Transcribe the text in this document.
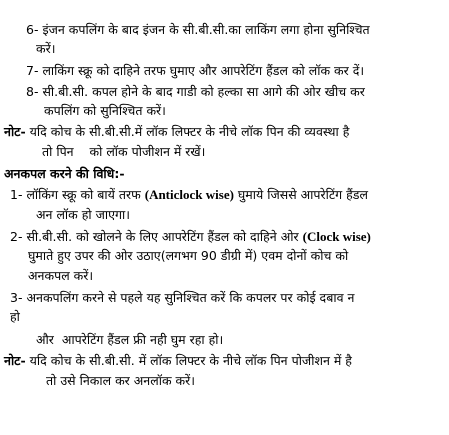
6- इंजन कपलिंग के बाद इंजन के सी.बी.सी.का लाकिंग लगा होना सुनिश्चित
करें।
7- लाकिंग स्क्रू को दाहिने तरफ घुमाए और आपरेटिंग हैंडल को लॉक कर दें।
8- सी.बी.सी. कपल होने के बाद गाडी को हल्का सा आगे की ओर खीच कर
कपलिंग को सुनिश्चित करें।
नोट- यदि कोच के सी.बी.सी.में लॉक लिफ्टर के नीचे लॉक पिन की व्यवस्था है
तो पिन    को लॉक पोजीशन में रखें।
अनकपल करने की विधि:-
1- लॉकिंग स्क्रू को बायें तरफ (Anticlock wise) घुमाये जिससे आपरेटिंग हैंडल
अन लॉक हो जाएगा।
2- सी.बी.सी. को खोलने के लिए आपरेटिंग हैंडल को दाहिने ओर (Clock wise)
घुमाते हुए उपर की ओर उठाए(लगभग 90 डीग्री में) एवम दोनों कोच को
अनकपल करें।
3- अनकपलिंग करने से पहले यह सुनिश्चित करें कि कपलर पर कोई दबाव न
हो
और  आपरेटिंग हैंडल फ्री नही घुम रहा हो।
नोट- यदि कोच के सी.बी.सी. में लॉक लिफ्टर के नीचे लॉक पिन पोजीशन में है
तो उसे निकाल कर अनलॉक करें।
